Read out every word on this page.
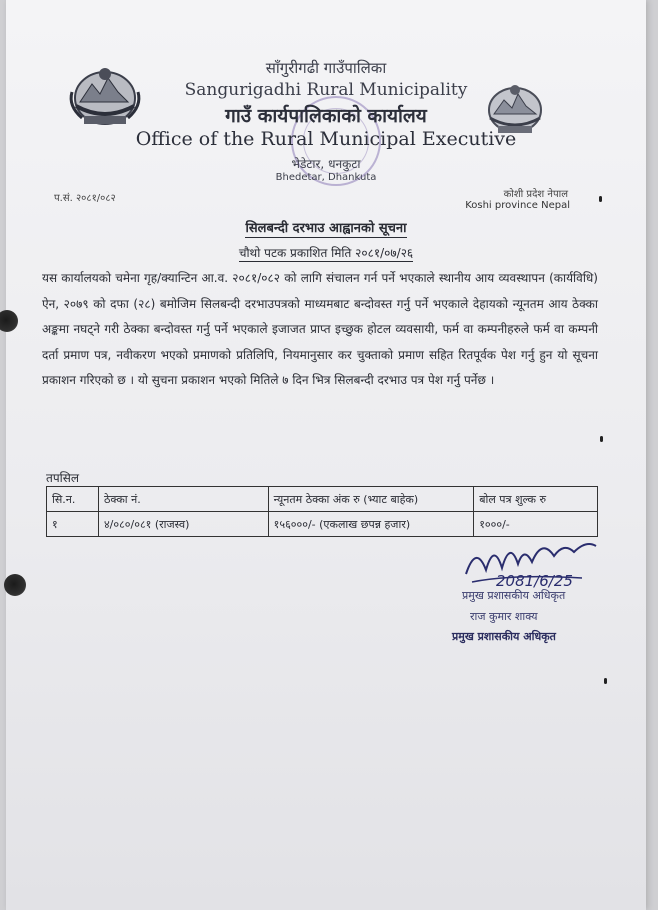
साँगुरीगढी गाउँपालिका
Sangurigadhi Rural Municipality
गाउँ कार्यपालिकाको कार्यालय
Office of the Rural Municipal Executive
भेडेटार, धनकुटा
Bhedetar, Dhankuta
प.सं. २०८१/०८२	कोशी प्रदेश नेपाल
Koshi province Nepal
सिलबन्दी दरभाउ आह्वानको सूचना
चौथो पटक प्रकाशित मिति २०८१/०७/२६
यस कार्यालयको चमेना गृह/क्यान्टिन आ.व. २०८१/०८२ को लागि संचालन गर्न पर्ने भएकाले स्थानीय आय व्यवस्थापन (कार्यविधि) ऐन, २०७९ को दफा (२८) बमोजिम सिलबन्दी दरभाउपत्रको माध्यमबाट बन्दोवस्त गर्नु पर्ने भएकाले देहायको न्यूनतम आय ठेक्का अङ्कमा नघट्ने गरी ठेक्का बन्दोवस्त गर्नु पर्ने भएकाले इजाजत प्राप्त इच्छुक होटल व्यवसायी, फर्म वा कम्पनीहरुले फर्म वा कम्पनी दर्ता प्रमाण पत्र, नवीकरण भएको प्रमाणको प्रतिलिपि, नियमानुसार कर चुक्ताको प्रमाण सहित रितपूर्वक पेश गर्नु हुन यो सूचना प्रकाशन गरिएको छ । यो सुचना प्रकाशन भएको मितिले ७ दिन भित्र सिलबन्दी दरभाउ पत्र पेश गर्नु पर्नेछ ।
तपसिल
सि.न.	ठेक्का नं.	न्यूनतम ठेक्का अंक रु (भ्याट बाहेक)	बोल पत्र शुल्क रु
१	४/०८०/०८१ (राजस्व)	१५६०००/- (एकलाख छपन्न हजार)	१०००/-
2081/6/25
प्रमुख प्रशासकीय अधिकृत
राज कुमार शाक्य
प्रमुख प्रशासकीय अधिकृत
